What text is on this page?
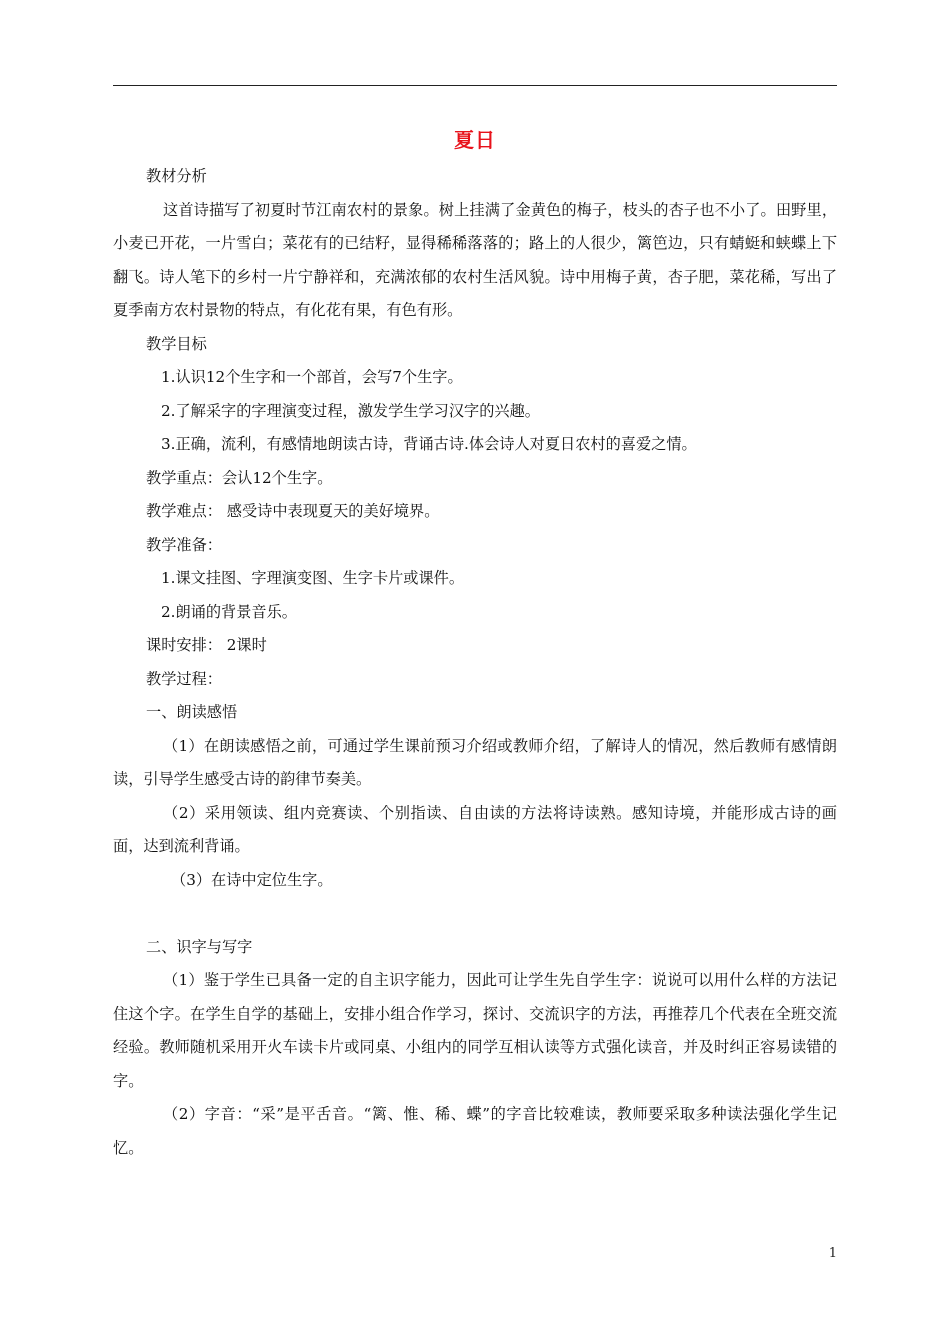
夏日

教材分析

这首诗描写了初夏时节江南农村的景象。树上挂满了金黄色的梅子，枝头的杏子也不小了。田野里，小麦已开花，一片雪白；菜花有的已结籽，显得稀稀落落的；路上的人很少，篱笆边，只有蜻蜓和蛱蝶上下翻飞。诗人笔下的乡村一片宁静祥和，充满浓郁的农村生活风貌。诗中用梅子黄，杏子肥，菜花稀，写出了夏季南方农村景物的特点，有化花有果，有色有形。

教学目标

1.认识12个生字和一个部首，会写7个生字。

2.了解采字的字理演变过程，激发学生学习汉字的兴趣。

3.正确，流利，有感情地朗读古诗，背诵古诗.体会诗人对夏日农村的喜爱之情。

教学重点：会认12个生字。

教学难点： 感受诗中表现夏天的美好境界。

教学准备：

1.课文挂图、字理演变图、生字卡片或课件。

2.朗诵的背景音乐。

课时安排： 2课时

教学过程：

一、朗读感悟

（1）在朗读感悟之前，可通过学生课前预习介绍或教师介绍，了解诗人的情况，然后教师有感情朗读，引导学生感受古诗的韵律节奏美。

（2）采用领读、组内竞赛读、个别指读、自由读的方法将诗读熟。感知诗境，并能形成古诗的画面，达到流利背诵。

（3）在诗中定位生字。

二、识字与写字

（1）鉴于学生已具备一定的自主识字能力，因此可让学生先自学生字：说说可以用什么样的方法记住这个字。在学生自学的基础上，安排小组合作学习，探讨、交流识字的方法，再推荐几个代表在全班交流经验。教师随机采用开火车读卡片或同桌、小组内的同学互相认读等方式强化读音，并及时纠正容易读错的字。

（2）字音：“采”是平舌音。“篱、惟、稀、蝶”的字音比较难读，教师要采取多种读法强化学生记忆。

1
